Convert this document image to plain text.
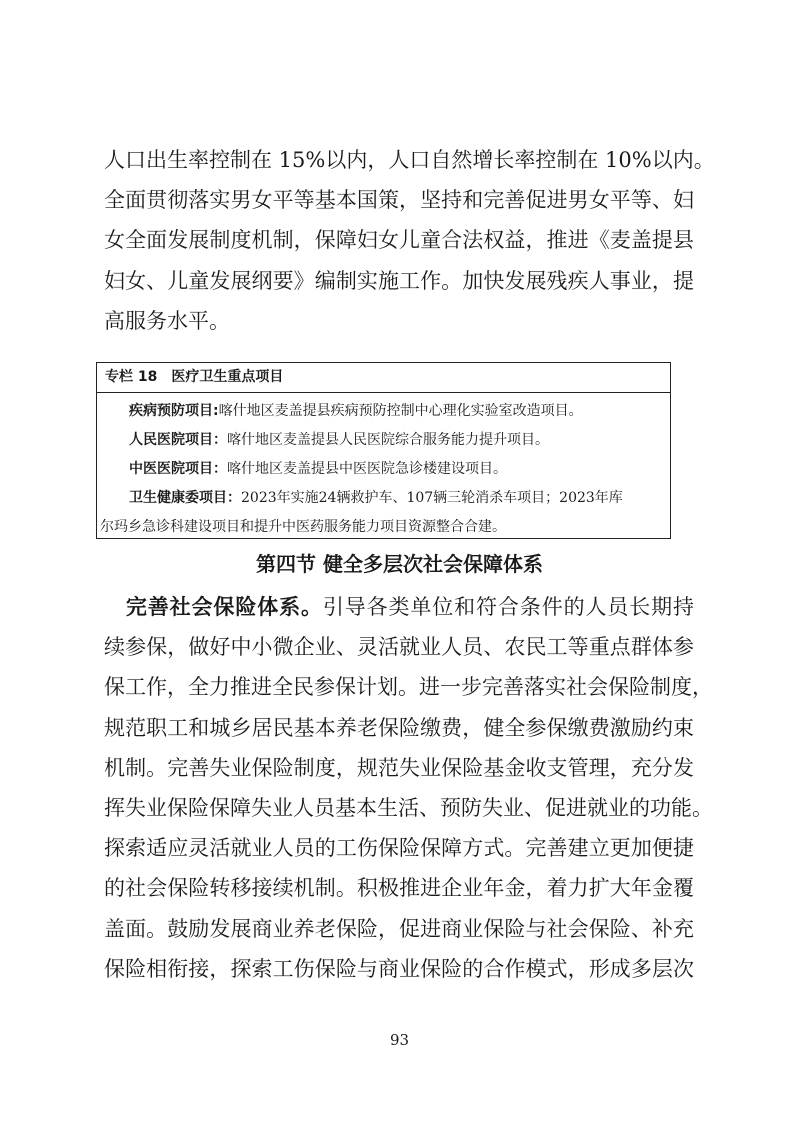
人口出生率控制在 15%以内，人口自然增长率控制在 10%以内。
全面贯彻落实男女平等基本国策，坚持和完善促进男女平等、妇
女全面发展制度机制，保障妇女儿童合法权益，推进《麦盖提县
妇女、儿童发展纲要》编制实施工作。加快发展残疾人事业，提
高服务水平。
专栏 18 医疗卫生重点项目
疾病预防项目:喀什地区麦盖提县疾病预防控制中心理化实验室改造项目。
人民医院项目：喀什地区麦盖提县人民医院综合服务能力提升项目。
中医医院项目：喀什地区麦盖提县中医医院急诊楼建设项目。
卫生健康委项目：2023年实施24辆救护车、107辆三轮消杀车项目；2023年库
尔玛乡急诊科建设项目和提升中医药服务能力项目资源整合合建。
第四节 健全多层次社会保障体系
　完善社会保险体系。引导各类单位和符合条件的人员长期持
续参保，做好中小微企业、灵活就业人员、农民工等重点群体参
保工作，全力推进全民参保计划。进一步完善落实社会保险制度，
规范职工和城乡居民基本养老保险缴费，健全参保缴费激励约束
机制。完善失业保险制度，规范失业保险基金收支管理，充分发
挥失业保险保障失业人员基本生活、预防失业、促进就业的功能。
探索适应灵活就业人员的工伤保险保障方式。完善建立更加便捷
的社会保险转移接续机制。积极推进企业年金，着力扩大年金覆
盖面。鼓励发展商业养老保险，促进商业保险与社会保险、补充
保险相衔接，探索工伤保险与商业保险的合作模式，形成多层次
93
